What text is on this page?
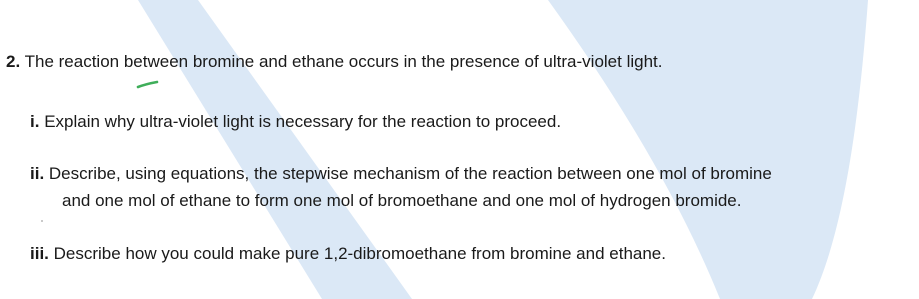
2. The reaction between bromine and ethane occurs in the presence of ultra-violet light.
i. Explain why ultra-violet light is necessary for the reaction to proceed.
ii. Describe, using equations, the stepwise mechanism of the reaction between one mol of bromine
and one mol of ethane to form one mol of bromoethane and one mol of hydrogen bromide.
iii. Describe how you could make pure 1,2-dibromoethane from bromine and ethane.
